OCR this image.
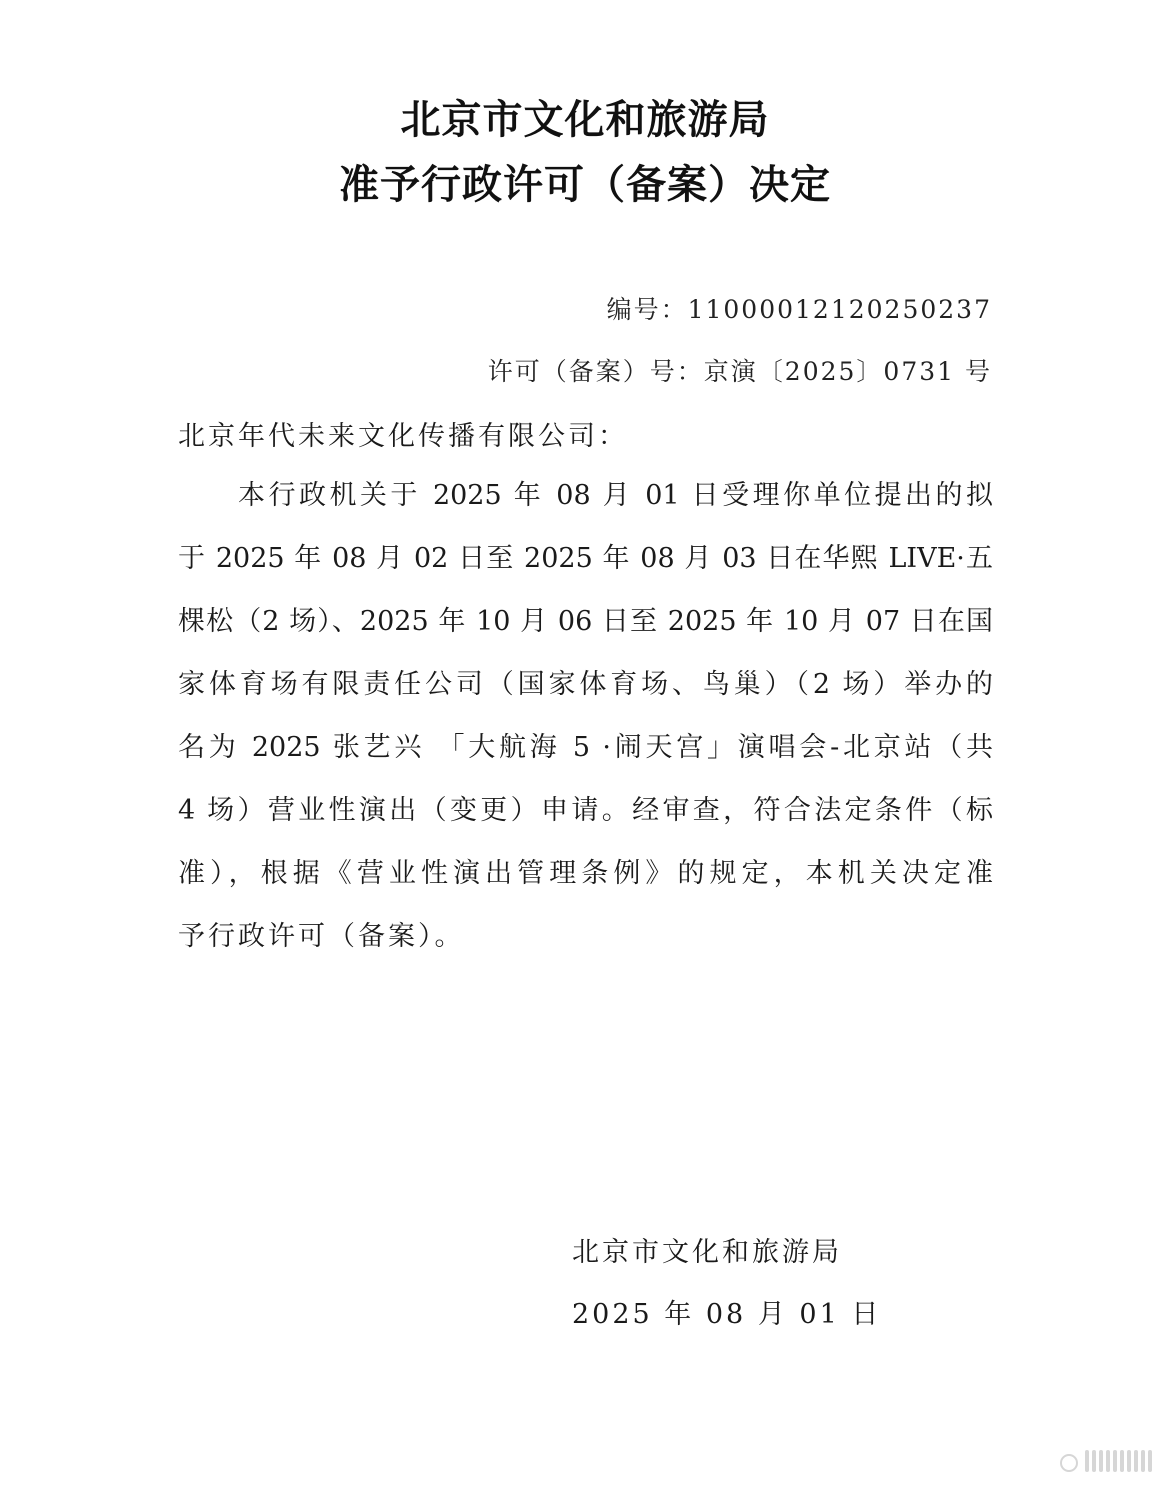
北京市文化和旅游局
准予行政许可（备案）决定
编号：11000012120250237
许可（备案）号：京演〔2025〕0731 号
北京年代未来文化传播有限公司：
本行政机关于 2025 年 08 月 01 日受理你单位提出的拟
于 2025 年 08 月 02 日至 2025 年 08 月 03 日在华熙 LIVE·五
棵松（2 场）、2025 年 10 月 06 日至 2025 年 10 月 07 日在国
家体育场有限责任公司（国家体育场、鸟巢）（2 场）举办的
名为 2025 张艺兴 「大航海 5 ·闹天宫」演唱会-北京站（共
4 场）营业性演出（变更）申请。经审查，符合法定条件（标
准），根据《营业性演出管理条例》的规定，本机关决定准
予行政许可（备案）。
北京市文化和旅游局
2025 年 08 月 01 日
